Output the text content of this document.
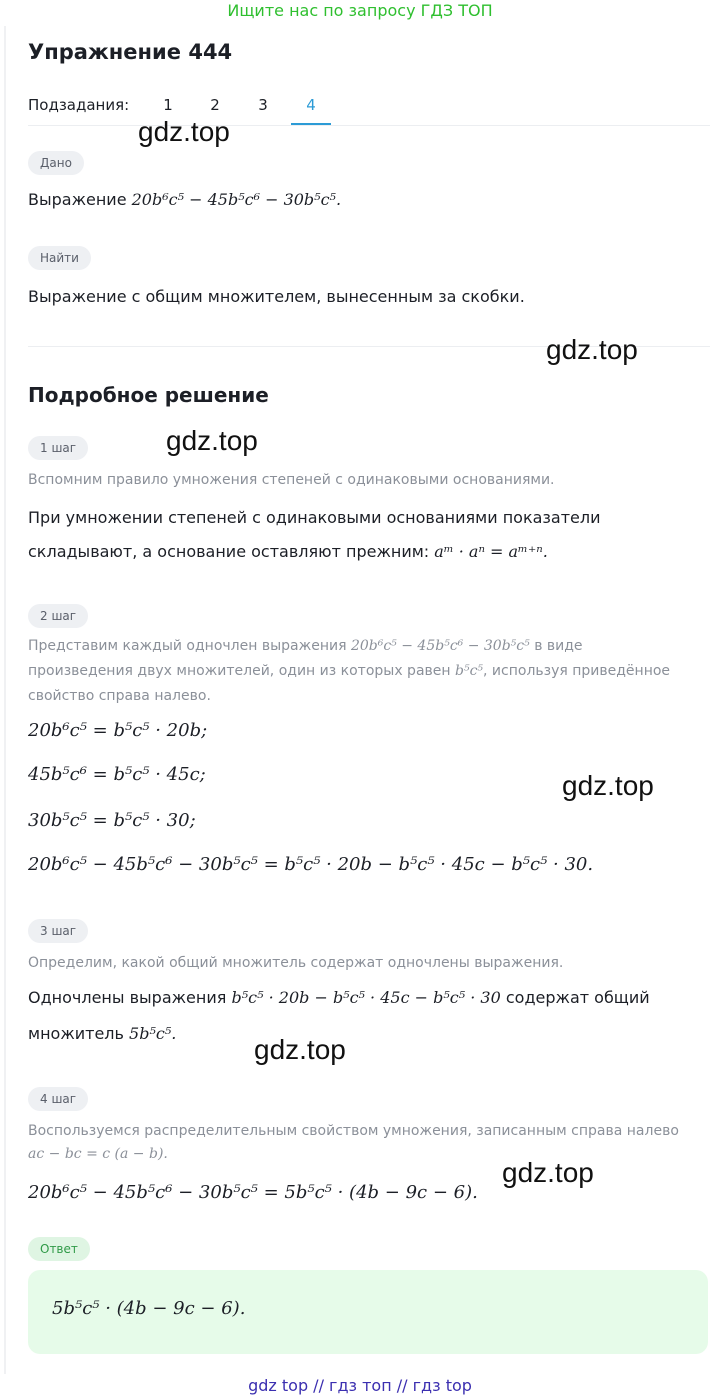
Ищите нас по запросу ГДЗ ТОП
Упражнение 444
Подзадания:	1	2	3	4
Дано
Выражение 20b⁶c⁵ − 45b⁵c⁶ − 30b⁵c⁵.
Найти
Выражение с общим множителем, вынесенным за скобки.
Подробное решение
1 шаг
Вспомним правило умножения степеней с одинаковыми основаниями.
При умножении степеней с одинаковыми основаниями показатели
складывают, а основание оставляют прежним: aᵐ · aⁿ = aᵐ⁺ⁿ.
2 шаг
Представим каждый одночлен выражения 20b⁶c⁵ − 45b⁵c⁶ − 30b⁵c⁵ в виде
произведения двух множителей, один из которых равен b⁵c⁵, используя приведённое
свойство справа налево.
20b⁶c⁵ = b⁵c⁵ · 20b;
45b⁵c⁶ = b⁵c⁵ · 45c;
30b⁵c⁵ = b⁵c⁵ · 30;
20b⁶c⁵ − 45b⁵c⁶ − 30b⁵c⁵ = b⁵c⁵ · 20b − b⁵c⁵ · 45c − b⁵c⁵ · 30.
3 шаг
Определим, какой общий множитель содержат одночлены выражения.
Одночлены выражения b⁵c⁵ · 20b − b⁵c⁵ · 45c − b⁵c⁵ · 30 содержат общий
множитель 5b⁵c⁵.
4 шаг
Воспользуемся распределительным свойством умножения, записанным справа налево
ac − bc = c (a − b).
20b⁶c⁵ − 45b⁵c⁶ − 30b⁵c⁵ = 5b⁵c⁵ · (4b − 9c − 6).
Ответ
5b⁵c⁵ · (4b − 9c − 6).
gdz.top
gdz.top
gdz.top
gdz.top
gdz.top
gdz.top
gdz top // гдз топ // гдз top
